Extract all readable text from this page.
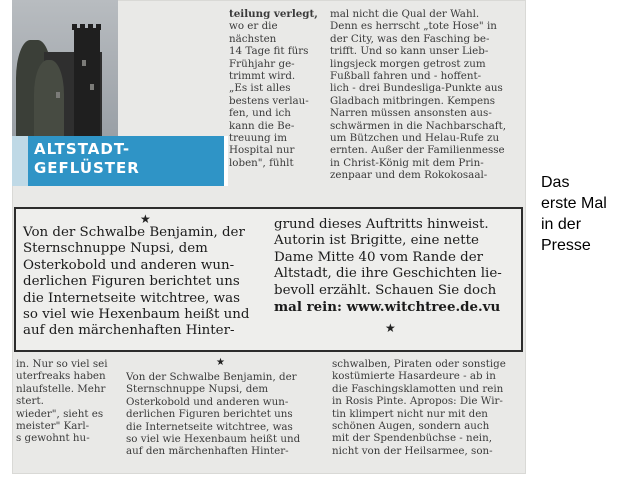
ALTSTADT-
GEFLÜSTER
teilung verlegt,
wo er die
nächsten
14 Tage fit fürs
Frühjahr ge-
trimmt wird.
„Es ist alles
bestens verlau-
fen, und ich
kann die Be-
treuung im
Hospital nur
loben", fühlt
mal nicht die Qual der Wahl.
Denn es herrscht „tote Hose" in
der City, was den Fasching be-
trifft. Und so kann unser Lieb-
lingsjeck morgen getrost zum
Fußball fahren und - hoffent-
lich - drei Bundesliga-Punkte aus
Gladbach mitbringen. Kempens
Narren müssen ansonsten aus-
schwärmen in die Nachbarschaft,
um Bützchen und Helau-Rufe zu
ernten. Außer der Familienmesse
in Christ-König mit dem Prin-
zenpaar und dem Rokokosaal-
★
Von der Schwalbe Benjamin, der
Sternschnuppe Nupsi, dem
Osterkobold und anderen wun-
derlichen Figuren berichtet uns
die Internetseite witchtree, was
so viel wie Hexenbaum heißt und
auf den märchenhaften Hinter-
grund dieses Auftritts hinweist.
Autorin ist Brigitte, eine nette
Dame Mitte 40 vom Rande der
Altstadt, die ihre Geschichten lie-
bevoll erzählt. Schauen Sie doch
mal rein: www.witchtree.de.vu
★
in. Nur so viel sei
uterfreaks haben
nlaufstelle. Mehr
stert.
wieder", sieht es
meister" Karl-
s gewohnt hu-
★
Von der Schwalbe Benjamin, der
Sternschnuppe Nupsi, dem
Osterkobold und anderen wun-
derlichen Figuren berichtet uns
die Internetseite witchtree, was
so viel wie Hexenbaum heißt und
auf den märchenhaften Hinter-
schwalben, Piraten oder sonstige
kostümierte Hasardeure - ab in
die Faschingsklamotten und rein
in Rosis Pinte. Apropos: Die Wir-
tin klimpert nicht nur mit den
schönen Augen, sondern auch
mit der Spendenbüchse - nein,
nicht von der Heilsarmee, son-
Das
erste Mal
in der
Presse
